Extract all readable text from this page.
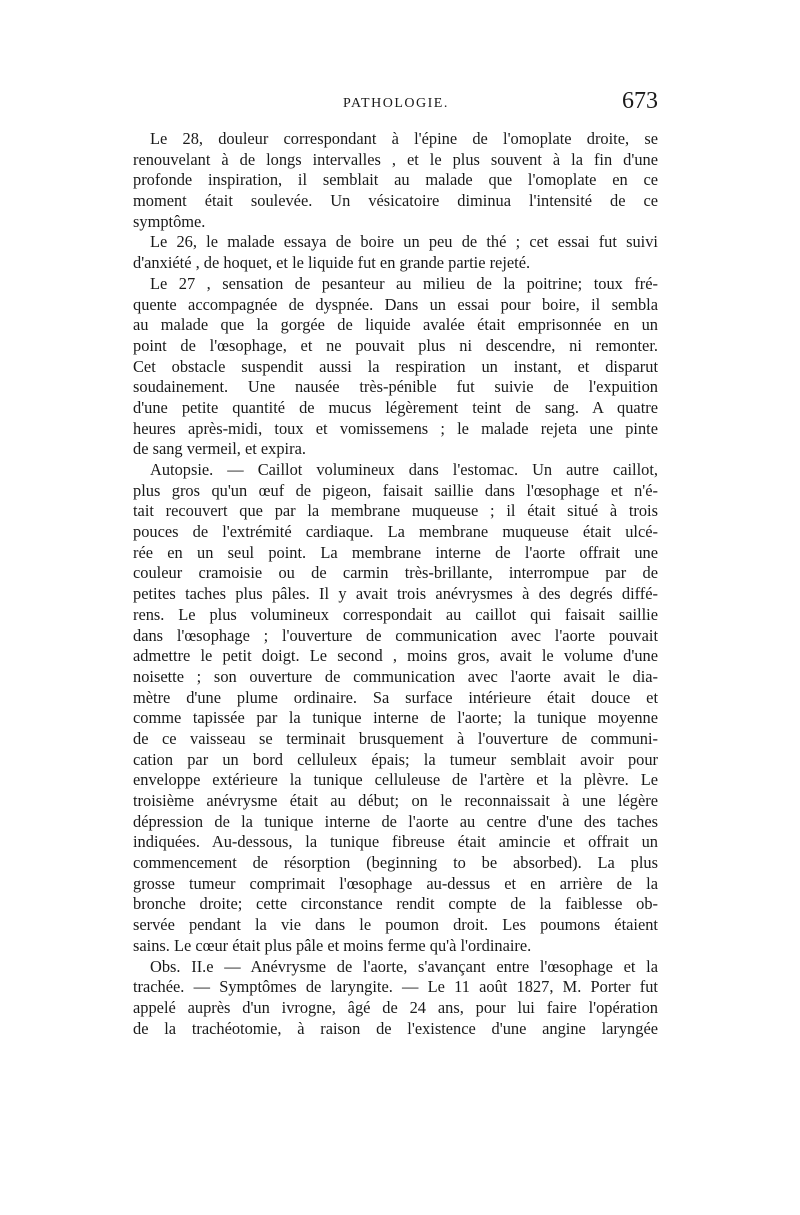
PATHOLOGIE.	673
Le 28, douleur correspondant à l'épine de l'omoplate droite, se
renouvelant à de longs intervalles , et le plus souvent à la fin d'une
profonde inspiration, il semblait au malade que l'omoplate en ce
moment était soulevée. Un vésicatoire diminua l'intensité de ce
symptôme.
Le 26, le malade essaya de boire un peu de thé ; cet essai fut suivi
d'anxiété , de hoquet, et le liquide fut en grande partie rejeté.
Le 27 , sensation de pesanteur au milieu de la poitrine; toux fré-
quente accompagnée de dyspnée. Dans un essai pour boire, il sembla
au malade que la gorgée de liquide avalée était emprisonnée en un
point de l'œsophage, et ne pouvait plus ni descendre, ni remonter.
Cet obstacle suspendit aussi la respiration un instant, et disparut
soudainement. Une nausée très-pénible fut suivie de l'expuition
d'une petite quantité de mucus légèrement teint de sang. A quatre
heures après-midi, toux et vomissemens ; le malade rejeta une pinte
de sang vermeil, et expira.
Autopsie. — Caillot volumineux dans l'estomac. Un autre caillot,
plus gros qu'un œuf de pigeon, faisait saillie dans l'œsophage et n'é-
tait recouvert que par la membrane muqueuse ; il était situé à trois
pouces de l'extrémité cardiaque. La membrane muqueuse était ulcé-
rée en un seul point. La membrane interne de l'aorte offrait une
couleur cramoisie ou de carmin très-brillante, interrompue par de
petites taches plus pâles. Il y avait trois anévrysmes à des degrés diffé-
rens. Le plus volumineux correspondait au caillot qui faisait saillie
dans l'œsophage ; l'ouverture de communication avec l'aorte pouvait
admettre le petit doigt. Le second , moins gros, avait le volume d'une
noisette ; son ouverture de communication avec l'aorte avait le dia-
mètre d'une plume ordinaire. Sa surface intérieure était douce et
comme tapissée par la tunique interne de l'aorte; la tunique moyenne
de ce vaisseau se terminait brusquement à l'ouverture de communi-
cation par un bord celluleux épais; la tumeur semblait avoir pour
enveloppe extérieure la tunique celluleuse de l'artère et la plèvre. Le
troisième anévrysme était au début; on le reconnaissait à une légère
dépression de la tunique interne de l'aorte au centre d'une des taches
indiquées. Au-dessous, la tunique fibreuse était amincie et offrait un
commencement de résorption (beginning to be absorbed). La plus
grosse tumeur comprimait l'œsophage au-dessus et en arrière de la
bronche droite; cette circonstance rendit compte de la faiblesse ob-
servée pendant la vie dans le poumon droit. Les poumons étaient
sains. Le cœur était plus pâle et moins ferme qu'à l'ordinaire.
Obs. II.e — Anévrysme de l'aorte, s'avançant entre l'œsophage et la
trachée. — Symptômes de laryngite. — Le 11 août 1827, M. Porter fut
appelé auprès d'un ivrogne, âgé de 24 ans, pour lui faire l'opération
de la trachéotomie, à raison de l'existence d'une angine laryngée
